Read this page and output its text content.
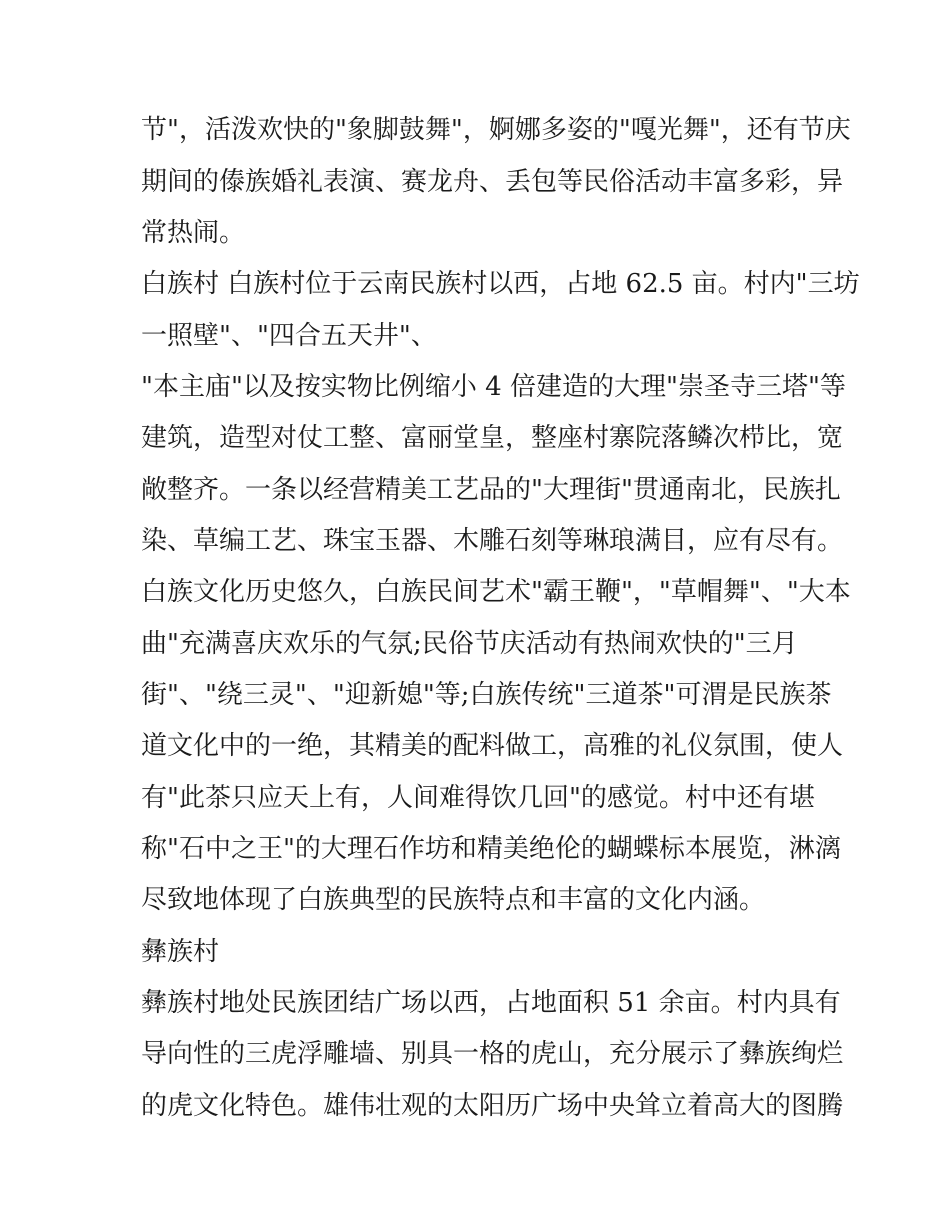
节"，活泼欢快的"象脚鼓舞"，婀娜多姿的"嘎光舞"，还有节庆
期间的傣族婚礼表演、赛龙舟、丢包等民俗活动丰富多彩，异
常热闹。
白族村 白族村位于云南民族村以西，占地 62.5 亩。村内"三坊
一照壁"、"四合五天井"、
"本主庙"以及按实物比例缩小 4 倍建造的大理"崇圣寺三塔"等
建筑，造型对仗工整、富丽堂皇，整座村寨院落鳞次栉比，宽
敞整齐。一条以经营精美工艺品的"大理街"贯通南北，民族扎
染、草编工艺、珠宝玉器、木雕石刻等琳琅满目，应有尽有。
白族文化历史悠久，白族民间艺术"霸王鞭"，"草帽舞"、"大本
曲"充满喜庆欢乐的气氛;民俗节庆活动有热闹欢快的"三月
街"、"绕三灵"、"迎新媳"等;白族传统"三道茶"可渭是民族茶
道文化中的一绝，其精美的配料做工，高雅的礼仪氛围，使人
有"此茶只应天上有，人间难得饮几回"的感觉。村中还有堪
称"石中之王"的大理石作坊和精美绝伦的蝴蝶标本展览，淋漓
尽致地体现了白族典型的民族特点和丰富的文化内涵。
彝族村
彝族村地处民族团结广场以西，占地面积 51 余亩。村内具有
导向性的三虎浮雕墙、别具一格的虎山，充分展示了彝族绚烂
的虎文化特色。雄伟壮观的太阳历广场中央耸立着高大的图腾
